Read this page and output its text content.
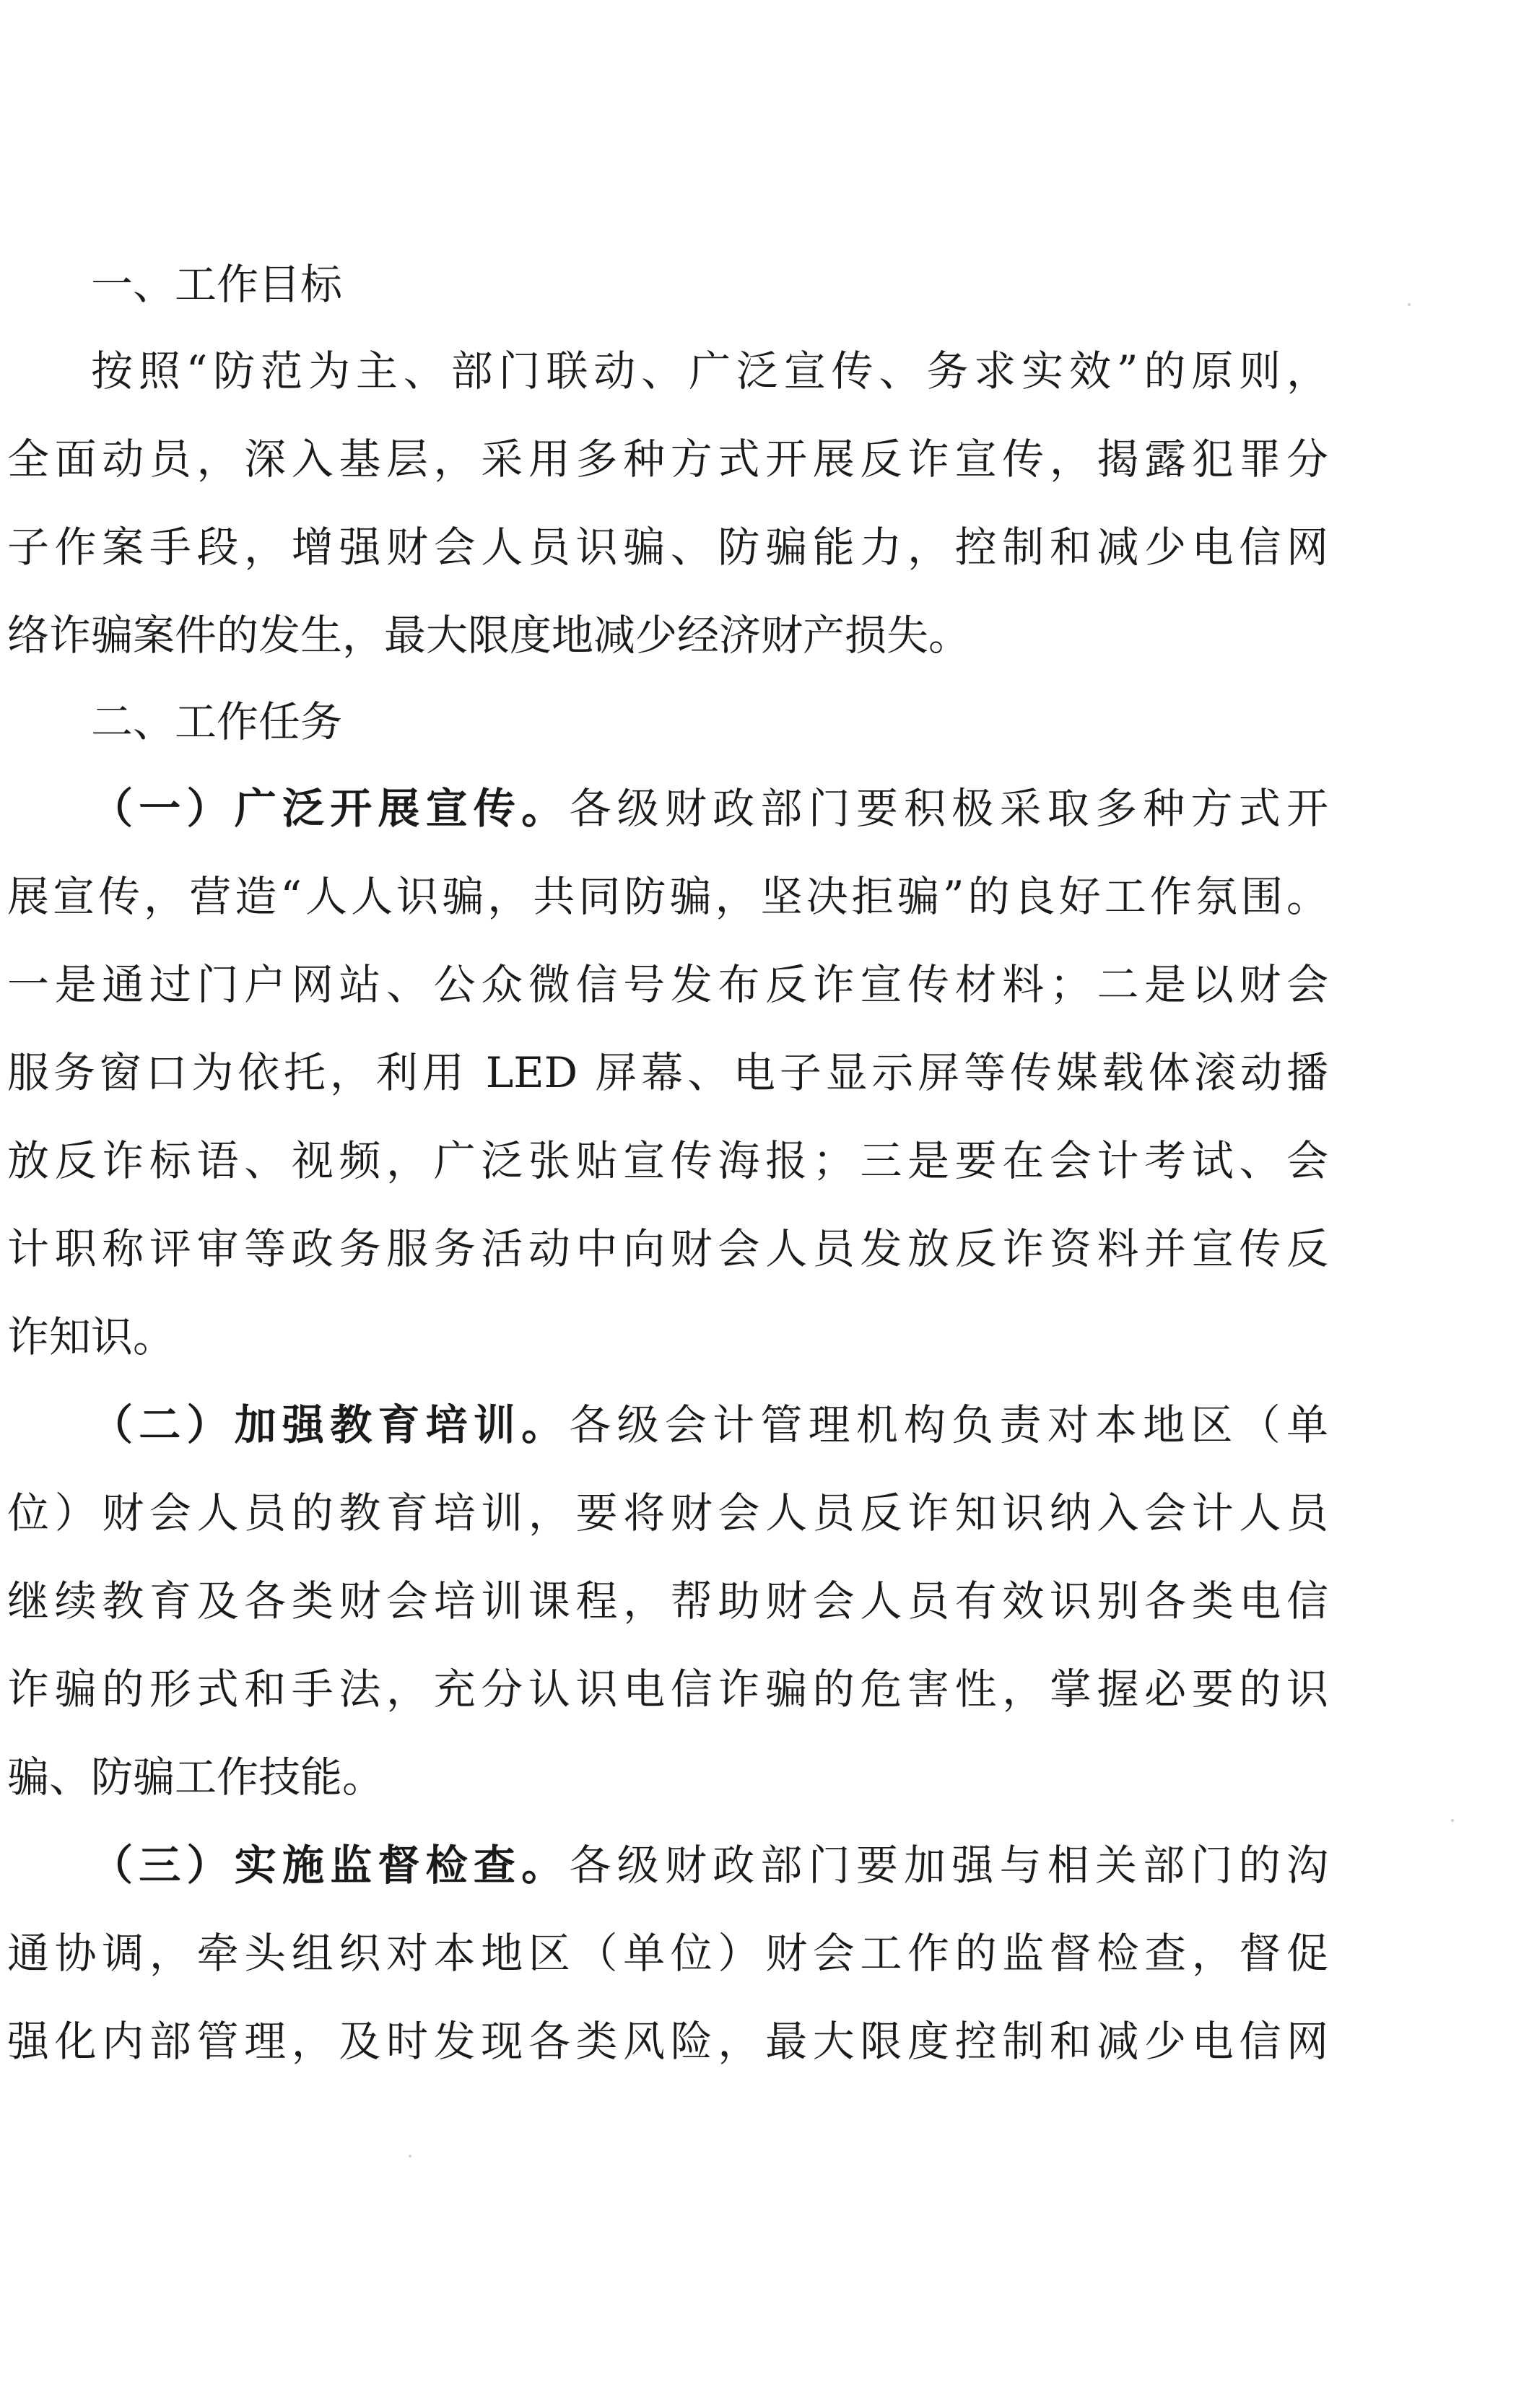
一、工作目标
按照“防范为主、部门联动、广泛宣传、务求实效”的原则，
全面动员，深入基层，采用多种方式开展反诈宣传，揭露犯罪分
子作案手段，增强财会人员识骗、防骗能力，控制和减少电信网
络诈骗案件的发生，最大限度地减少经济财产损失。
二、工作任务
（一）广泛开展宣传。各级财政部门要积极采取多种方式开
展宣传，营造“人人识骗，共同防骗，坚决拒骗”的良好工作氛围。
一是通过门户网站、公众微信号发布反诈宣传材料；二是以财会
服务窗口为依托，利用 LED 屏幕、电子显示屏等传媒载体滚动播
放反诈标语、视频，广泛张贴宣传海报；三是要在会计考试、会
计职称评审等政务服务活动中向财会人员发放反诈资料并宣传反
诈知识。
（二）加强教育培训。各级会计管理机构负责对本地区（单
位）财会人员的教育培训，要将财会人员反诈知识纳入会计人员
继续教育及各类财会培训课程，帮助财会人员有效识别各类电信
诈骗的形式和手法，充分认识电信诈骗的危害性，掌握必要的识
骗、防骗工作技能。
（三）实施监督检查。各级财政部门要加强与相关部门的沟
通协调，牵头组织对本地区（单位）财会工作的监督检查，督促
强化内部管理，及时发现各类风险，最大限度控制和减少电信网
